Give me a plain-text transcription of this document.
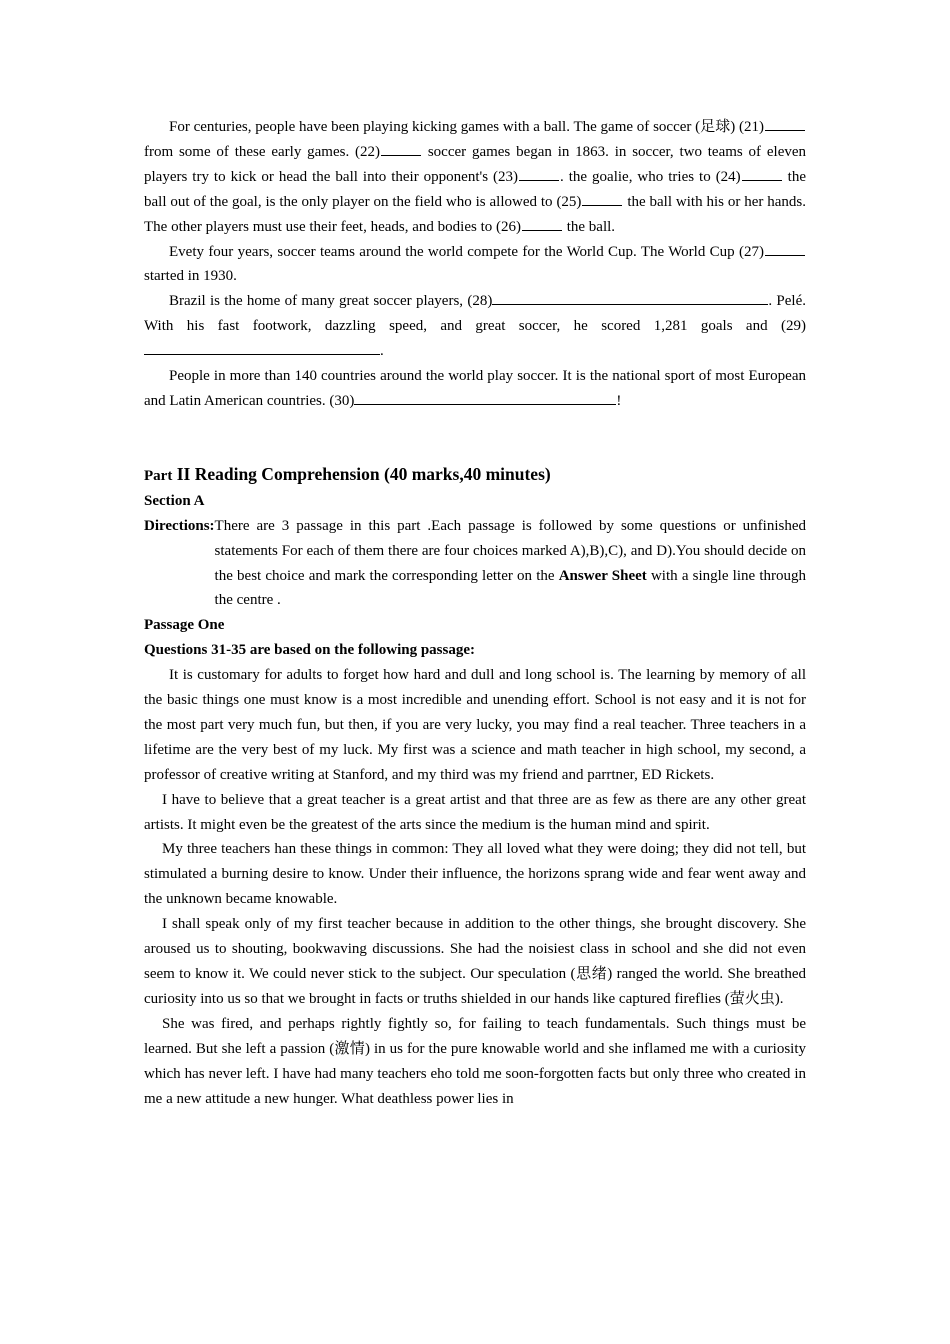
For centuries, people have been playing kicking games with a ball. The game of soccer (足球) (21) from some of these early games. (22)	soccer games began in 1863. in soccer, two teams of eleven players try to kick or head the ball into their opponent's (23)	. the goalie, who tries to (24)	the ball out of the goal, is the only player on the field who is allowed to (25)	the ball with his or her hands. The other players must use their feet, heads, and bodies to (26)	the ball.

Evety four years, soccer teams around the world compete for the World Cup. The World Cup (27) started in 1930.

Brazil is the home of many great soccer players, (28)	. Pelé. With his fast footwork, dazzling speed, and great soccer, he scored 1,281 goals and (29).

People in more than 140 countries around the world play soccer. It is the national sport of most European and Latin American countries. (30)	!

Part II Reading Comprehension (40 marks,40 minutes)

Section A

Directions: There are 3 passage in this part .Each passage is followed by some questions or unfinished statements For each of them there are four choices marked A),B),C), and D).You should decide on the best choice and mark the corresponding letter on the Answer Sheet with a single line through the centre .

Passage One

Questions 31-35 are based on the following passage:

It is customary for adults to forget how hard and dull and long school is. The learning by memory of all the basic things one must know is a most incredible and unending effort. School is not easy and it is not for the most part very much fun, but then, if you are very lucky, you may find a real teacher. Three teachers in a lifetime are the very best of my luck. My first was a science and math teacher in high school, my second, a professor of creative writing at Stanford, and my third was my friend and parrtner, ED Rickets.

I have to believe that a great teacher is a great artist and that three are as few as there are any other great artists. It might even be the greatest of the arts since the medium is the human mind and spirit.

My three teachers han these things in common: They all loved what they were doing; they did not tell, but stimulated a burning desire to know. Under their influence, the horizons sprang wide and fear went away and the unknown became knowable.

I shall speak only of my first teacher because in addition to the other things, she brought discovery. She aroused us to shouting, bookwaving discussions. She had the noisiest class in school and she did not even seem to know it. We could never stick to the subject. Our speculation (思绪) ranged the world. She breathed curiosity into us so that we brought in facts or truths shielded in our hands like captured fireflies (萤火虫).

She was fired, and perhaps rightly fightly so, for failing to teach fundamentals. Such things must be learned. But she left a passion (激情) in us for the pure knowable world and she inflamed me with a curiosity which has never left. I have had many teachers eho told me soon-forgotten facts but only three who created in me a new attitude a new hunger. What deathless power lies in
